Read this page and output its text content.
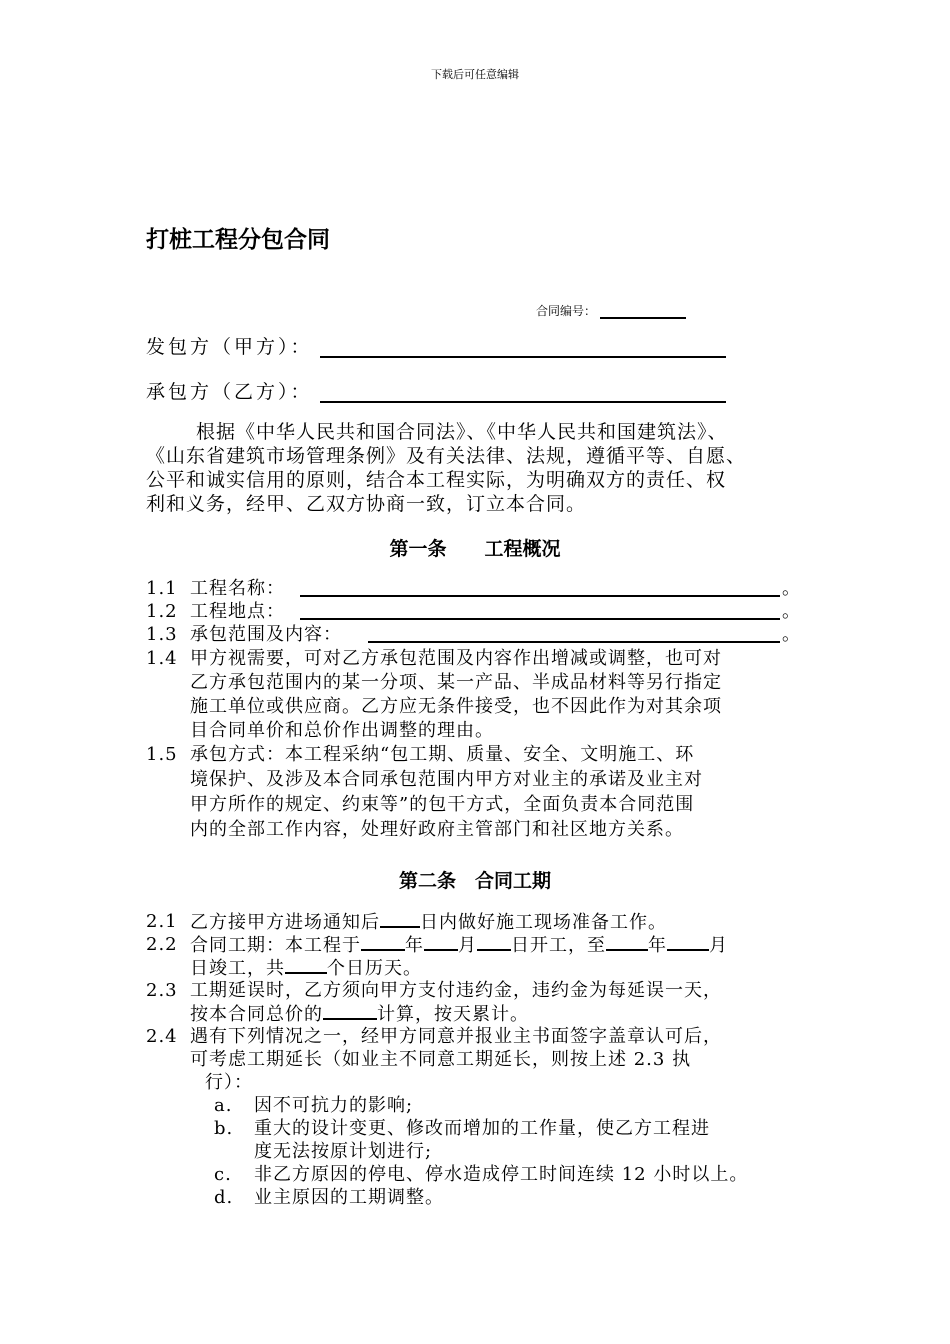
下载后可任意编辑
打桩工程分包合同
合同编号：
发包方（甲方）：
承包方（乙方）：
根据《中华人民共和国合同法》、《中华人民共和国建筑法》、
《山东省建筑市场管理条例》及有关法律、法规，遵循平等、自愿、
公平和诚实信用的原则，结合本工程实际，为明确双方的责任、权
利和义务，经甲、乙双方协商一致，订立本合同。
第一条　　工程概况
1.1 工程名称：	。
1.2 工程地点：	。
1.3 承包范围及内容：	。
1.4 甲方视需要，可对乙方承包范围及内容作出增减或调整，也可对
乙方承包范围内的某一分项、某一产品、半成品材料等另行指定
施工单位或供应商。乙方应无条件接受，也不因此作为对其余项
目合同单价和总价作出调整的理由。
1.5 承包方式：本工程采纳“包工期、质量、安全、文明施工、环
境保护、及涉及本合同承包范围内甲方对业主的承诺及业主对
甲方所作的规定、约束等”的包干方式，全面负责本合同范围
内的全部工作内容，处理好政府主管部门和社区地方关系。
第二条　合同工期
2.1 乙方接甲方进场通知后 日内做好施工现场准备工作。
2.2 合同工期：本工程于 年 月 日开工，至 年 月
日竣工，共 个日历天。
2.3 工期延误时，乙方须向甲方支付违约金，违约金为每延误一天，
按本合同总价的	计算，按天累计。
2.4 遇有下列情况之一，经甲方同意并报业主书面签字盖章认可后，
可考虑工期延长（如业主不同意工期延长，则按上述 2.3 执
行）：
a. 因不可抗力的影响;
b. 重大的设计变更、修改而增加的工作量，使乙方工程进
度无法按原计划进行;
c. 非乙方原因的停电、停水造成停工时间连续 12 小时以上。
d. 业主原因的工期调整。
